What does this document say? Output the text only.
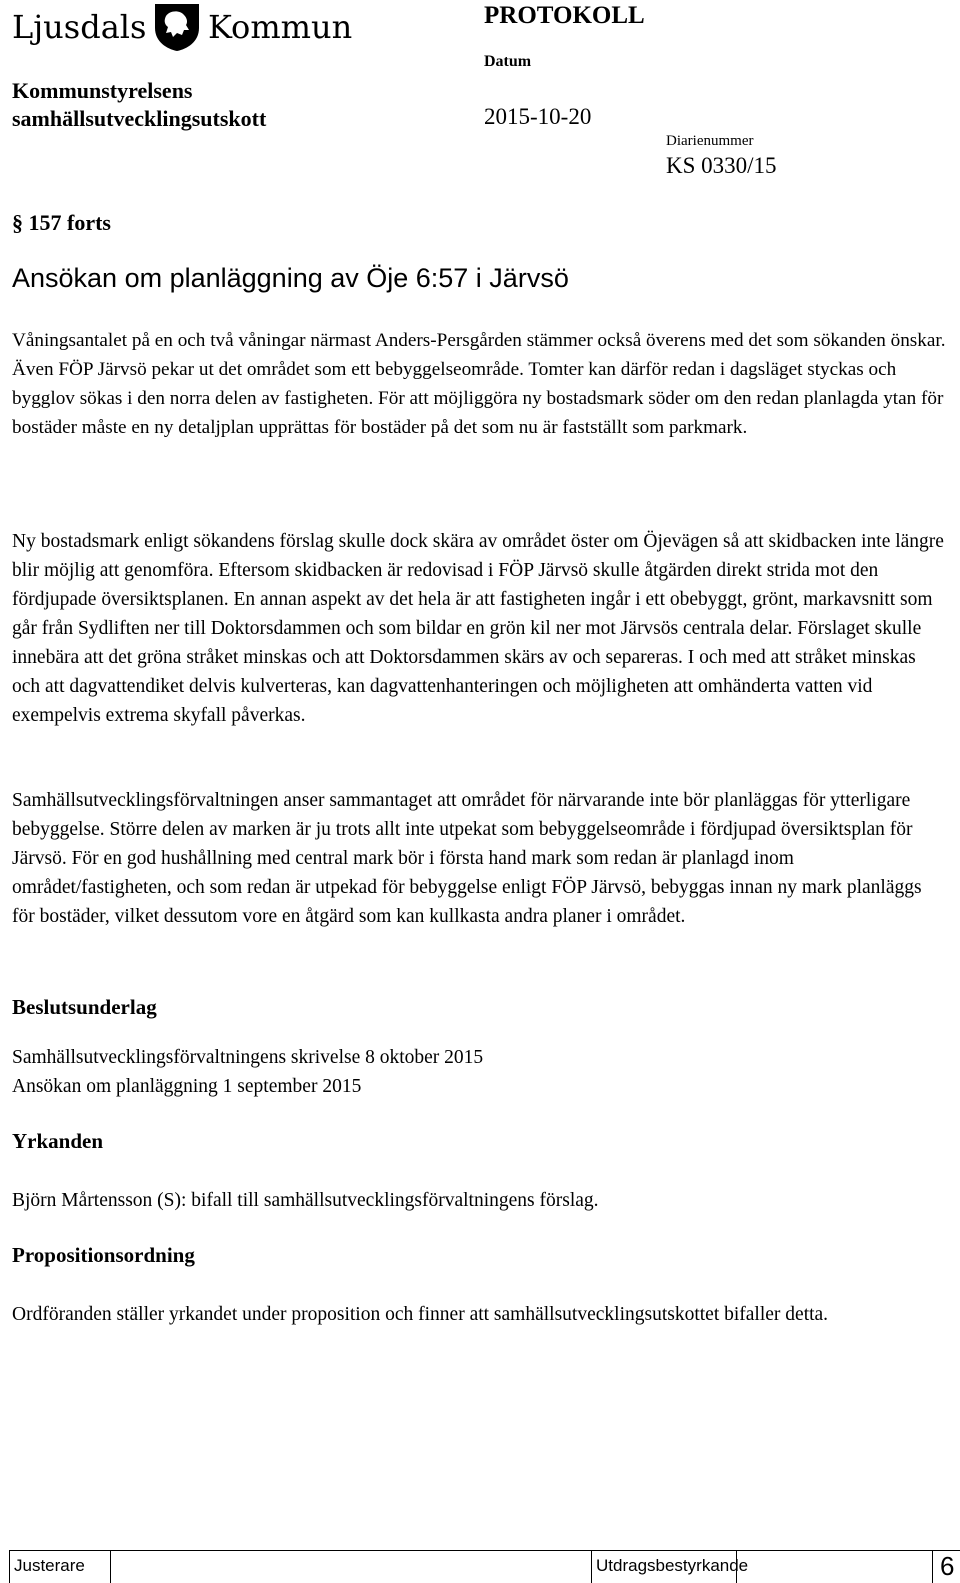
Ljusdals Kommun	PROTOKOLL
Datum
2015-10-20
Diarienummer
KS 0330/15
Kommunstyrelsens
samhällsutvecklingsutskott
§ 157 forts
Ansökan om planläggning av Öje 6:57 i Järvsö

Våningsantalet på en och två våningar närmast Anders-Persgården stämmer också överens med det som sökanden önskar. Även FÖP Järvsö pekar ut det området som ett bebyggelseområde. Tomter kan därför redan i dagsläget styckas och bygglov sökas i den norra delen av fastigheten. För att möjliggöra ny bostadsmark söder om den redan planlagda ytan för bostäder måste en ny detaljplan upprättas för bostäder på det som nu är fastställt som parkmark.

Ny bostadsmark enligt sökandens förslag skulle dock skära av området öster om Öjevägen så att skidbacken inte längre blir möjlig att genomföra. Eftersom skidbacken är redovisad i FÖP Järvsö skulle åtgärden direkt strida mot den fördjupade översiktsplanen. En annan aspekt av det hela är att fastigheten ingår i ett obebyggt, grönt, markavsnitt som går från Sydliften ner till Doktorsdammen och som bildar en grön kil ner mot Järvsös centrala delar. Förslaget skulle innebära att det gröna stråket minskas och att Doktorsdammen skärs av och separeras. I och med att stråket minskas och att dagvattendiket delvis kulverteras, kan dagvattenhanteringen och möjligheten att omhänderta vatten vid exempelvis extrema skyfall påverkas.

Samhällsutvecklingsförvaltningen anser sammantaget att området för närvarande inte bör planläggas för ytterligare bebyggelse. Större delen av marken är ju trots allt inte utpekat som bebyggelseområde i fördjupad översiktsplan för Järvsö. För en god hushållning med central mark bör i första hand mark som redan är planlagd inom området/fastigheten, och som redan är utpekad för bebyggelse enligt FÖP Järvsö, bebyggas innan ny mark planläggs för bostäder, vilket dessutom vore en åtgärd som kan kullkasta andra planer i området.

Beslutsunderlag
Samhällsutvecklingsförvaltningens skrivelse 8 oktober 2015
Ansökan om planläggning 1 september 2015
Yrkanden
Björn Mårtensson (S): bifall till samhällsutvecklingsförvaltningens förslag.
Propositionsordning

Ordföranden ställer yrkandet under proposition och finner att samhällsutvecklingsutskottet bifaller detta.

Justerare	Utdragsbestyrkande	6
